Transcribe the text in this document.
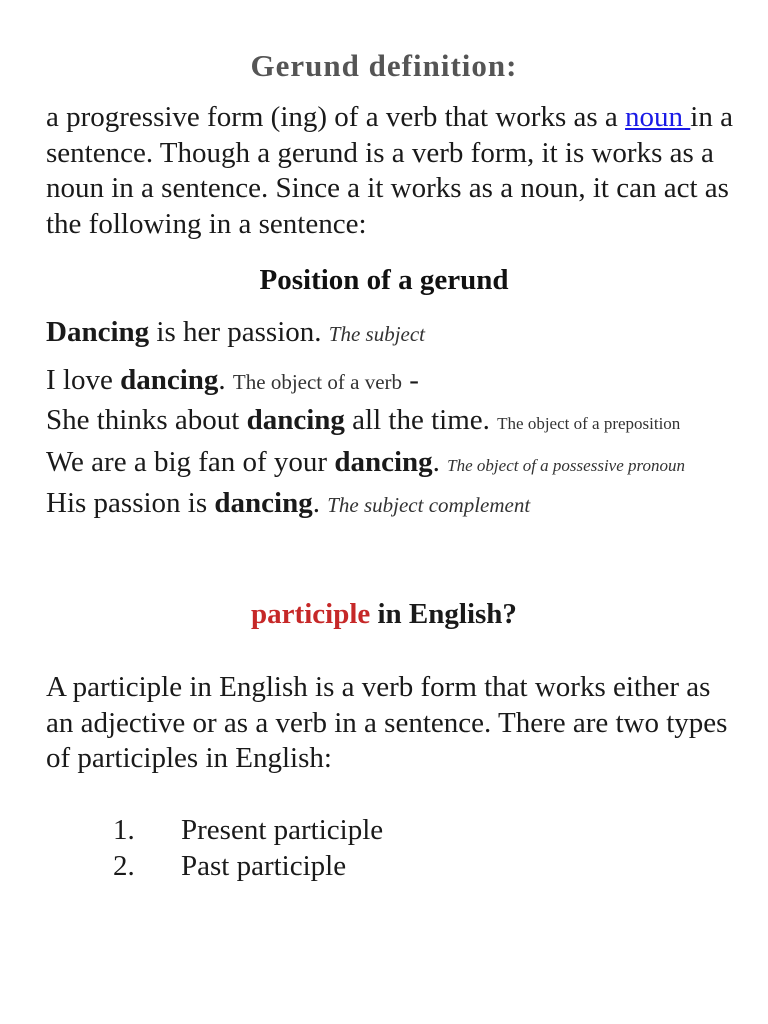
Gerund definition:

a progressive form (ing) of a verb that works as a noun in a sentence. Though a gerund is a verb form, it is works as a noun in a sentence. Since a it works as a noun, it can act as the following in a sentence:

Position of a gerund

Dancing is her passion. The subject

I love dancing. The object of a verb -

She thinks about dancing all the time. The object of a preposition

We are a big fan of your dancing. The object of a possessive pronoun

His passion is dancing. The subject complement

participle in English?

A participle in English is a verb form that works either as an adjective or as a verb in a sentence. There are two types of participles in English:

1.	Present participle
2.	Past participle
